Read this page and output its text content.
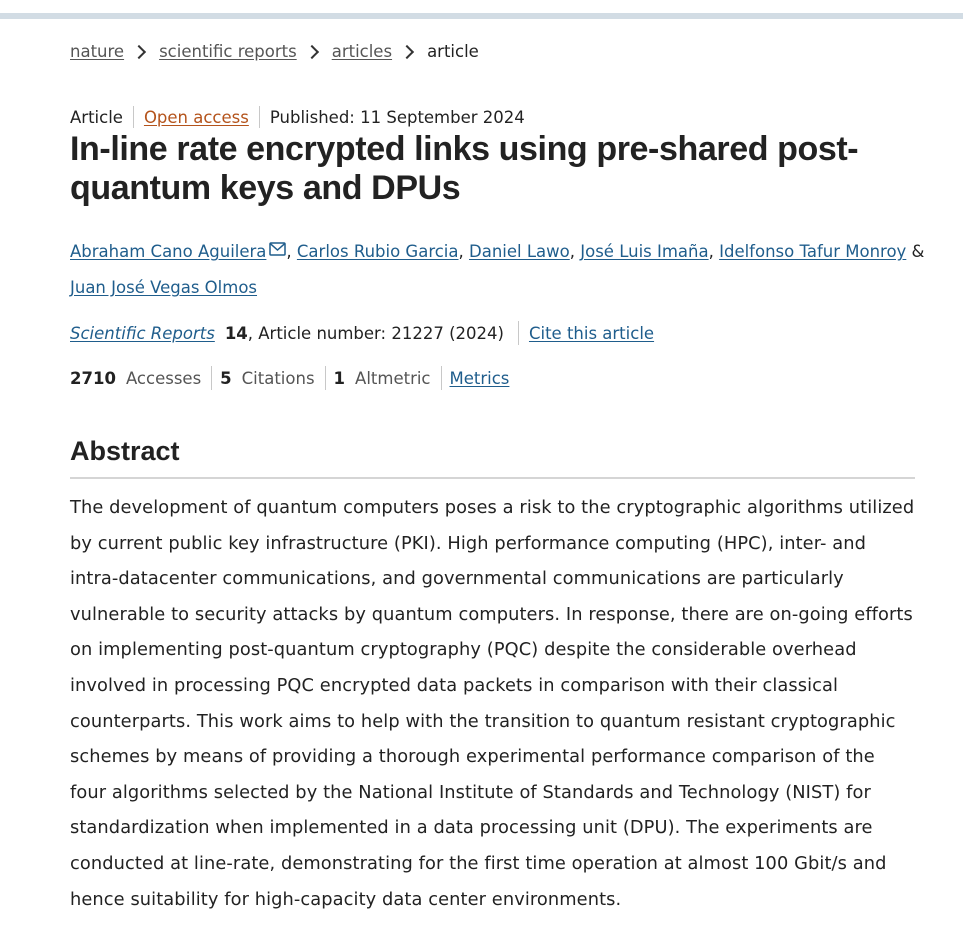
nature scientific reports articles article
Article Open access Published: 11 September 2024
In-line rate encrypted links using pre-shared post-quantum keys and DPUs
Abraham Cano Aguilera , Carlos Rubio Garcia, Daniel Lawo, José Luis Imaña, Idelfonso Tafur Monroy & Juan José Vegas Olmos
Scientific Reports 14 , Article number: 21227 (2024) Cite this article
2710 Accesses 5 Citations 1 Altmetric Metrics
Abstract

The development of quantum computers poses a risk to the cryptographic algorithms utilized by current public key infrastructure (PKI). High performance computing (HPC), inter- and intra-datacenter communications, and governmental communications are particularly vulnerable to security attacks by quantum computers. In response, there are on-going efforts on implementing post-quantum cryptography (PQC) despite the considerable overhead involved in processing PQC encrypted data packets in comparison with their classical counterparts. This work aims to help with the transition to quantum resistant cryptographic schemes by means of providing a thorough experimental performance comparison of the four algorithms selected by the National Institute of Standards and Technology (NIST) for standardization when implemented in a data processing unit (DPU). The experiments are conducted at line-rate, demonstrating for the first time operation at almost 100 Gbit/s and hence suitability for high-capacity data center environments.
